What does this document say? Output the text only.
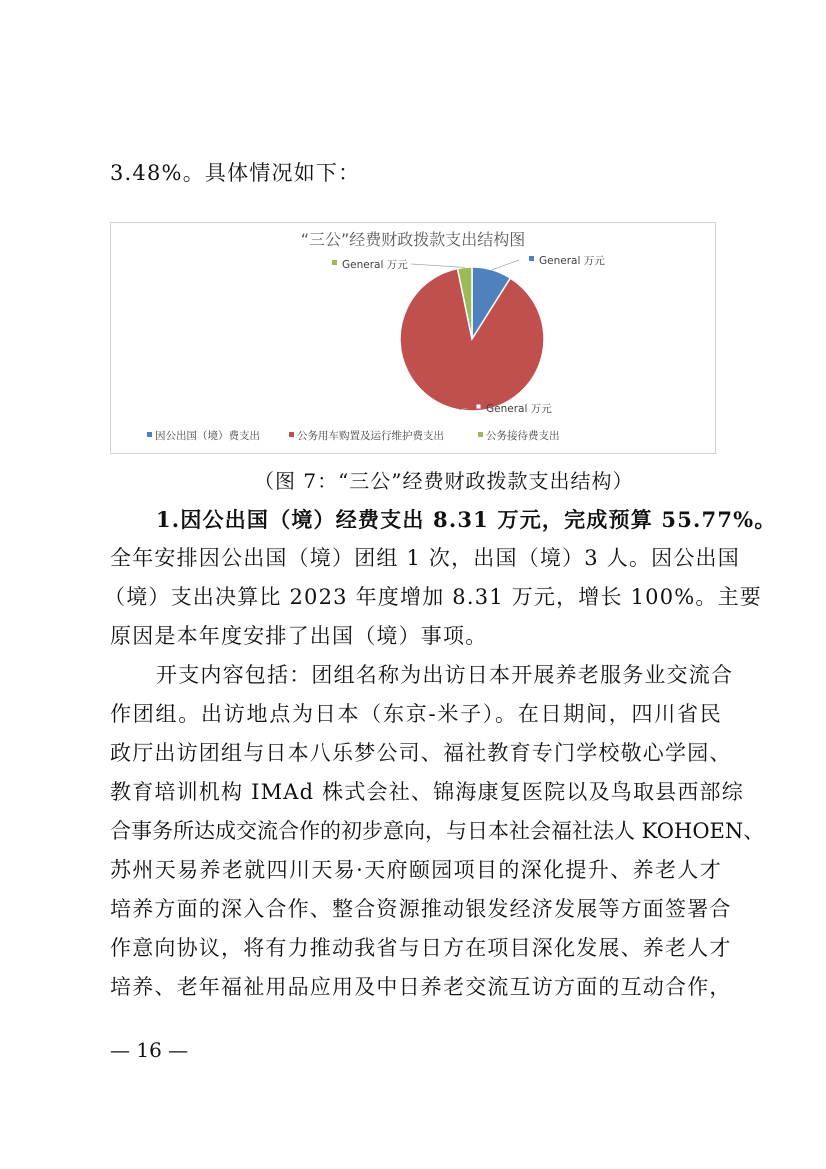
3.48%。具体情况如下：
“三公”经费财政拨款支出结构图
General 万元
General 万元
General 万元
因公出国（境）费支出	公务用车购置及运行维护费支出	公务接待费支出
（图 7：“三公”经费财政拨款支出结构）
1.因公出国（境）经费支出 8.31 万元，完成预算 55.77%。
全年安排因公出国（境）团组 1 次，出国（境）3 人。因公出国
（境）支出决算比 2023 年度增加 8.31 万元，增长 100%。主要
原因是本年度安排了出国（境）事项。
开支内容包括：团组名称为出访日本开展养老服务业交流合
作团组。出访地点为日本（东京-米子）。在日期间，四川省民
政厅出访团组与日本八乐梦公司、福社教育专门学校敬心学园、
教育培训机构 IMAd 株式会社、锦海康复医院以及鸟取县西部综
合事务所达成交流合作的初步意向，与日本社会福社法人 KOHOEN、
苏州天易养老就四川天易·天府颐园项目的深化提升、养老人才
培养方面的深入合作、整合资源推动银发经济发展等方面签署合
作意向协议，将有力推动我省与日方在项目深化发展、养老人才
培养、老年福祉用品应用及中日养老交流互访方面的互动合作，
— 16 —
